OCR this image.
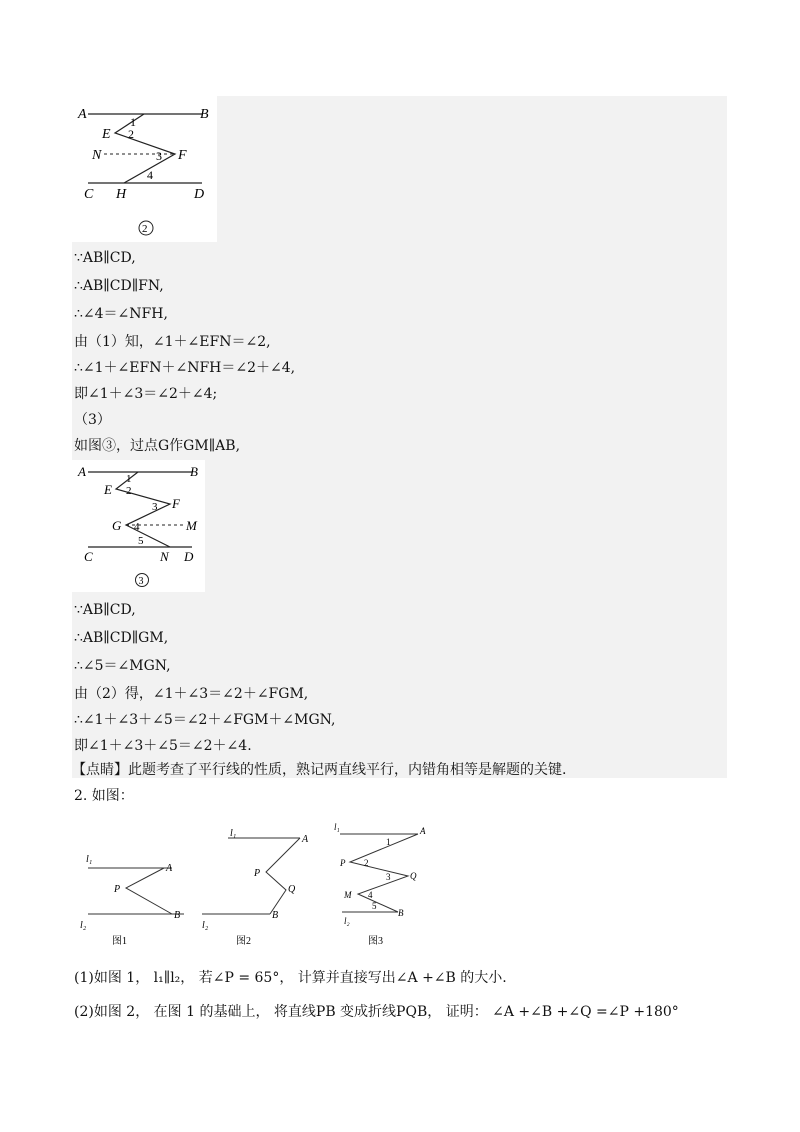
A	B
E
N	F
C H	D
1
2
3
4
2
∵AB∥CD,
∴AB∥CD∥FN,
∴∠4＝∠NFH,
由（1）知，∠1＋∠EFN＝∠2,
∴∠1＋∠EFN＋∠NFH＝∠2＋∠4,
即∠1＋∠3＝∠2＋∠4;
（3）
如图③，过点G作GM∥AB,
A	B
E
F
G	M
C	N D
1
2
3
4
5
3
∵AB∥CD,
∴AB∥CD∥GM,
∴∠5＝∠MGN,
由（2）得，∠1＋∠3＝∠2＋∠FGM,
∴∠1＋∠3＋∠5＝∠2＋∠FGM＋∠MGN,
即∠1＋∠3＋∠5＝∠2＋∠4.
【点睛】此题考查了平行线的性质，熟记两直线平行，内错角相等是解题的关键.
2. 如图：
l₁
l₂
A
P
B
图1
l₁
l₂
A
P
Q
B
图2
l₁
l₂
A
P
Q
M
B
1
2
3
4
5
图3
(1)如图 1， l₁∥l₂， 若∠P = 65°， 计算并直接写出∠A +∠B 的大小.
(2)如图 2， 在图 1 的基础上， 将直线PB 变成折线PQB， 证明： ∠A +∠B +∠Q =∠P +180°
